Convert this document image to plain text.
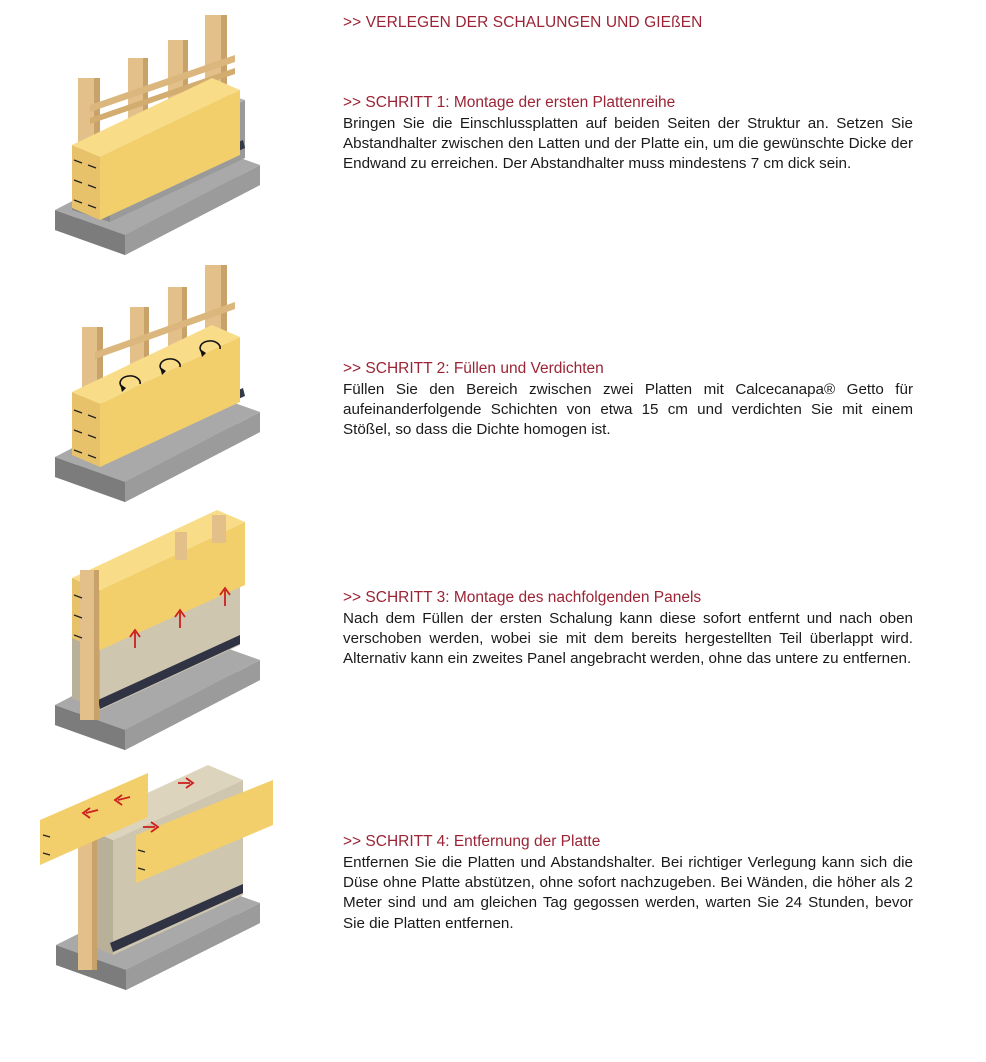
>> VERLEGEN DER SCHALUNGEN UND GIEßEN
>> SCHRITT 1: Montage der ersten Plattenreihe

Bringen Sie die Einschlussplatten auf beiden Seiten der Struktur an. Setzen Sie Abstandhalter zwischen den Latten und der Platte ein, um die gewünschte Dicke der Endwand zu erreichen. Der Abstandhalter muss mindestens 7 cm dick sein.

>> SCHRITT 2: Füllen und Verdichten

Füllen Sie den Bereich zwischen zwei Platten mit Calcecanapa® Getto für aufeinanderfolgende Schichten von etwa 15 cm und verdichten Sie mit einem Stößel, so dass die Dichte homogen ist.

>> SCHRITT 3: Montage des nachfolgenden Panels

Nach dem Füllen der ersten Schalung kann diese sofort entfernt und nach oben verschoben werden, wobei sie mit dem bereits hergestellten Teil überlappt wird. Alternativ kann ein zweites Panel angebracht werden, ohne das untere zu entfernen.

>> SCHRITT 4: Entfernung der Platte

Entfernen Sie die Platten und Abstandshalter. Bei richtiger Verlegung kann sich die Düse ohne Platte abstützen, ohne sofort nachzugeben. Bei Wänden, die höher als 2 Meter sind und am gleichen Tag gegossen werden, warten Sie 24 Stunden, bevor Sie die Platten entfernen.
